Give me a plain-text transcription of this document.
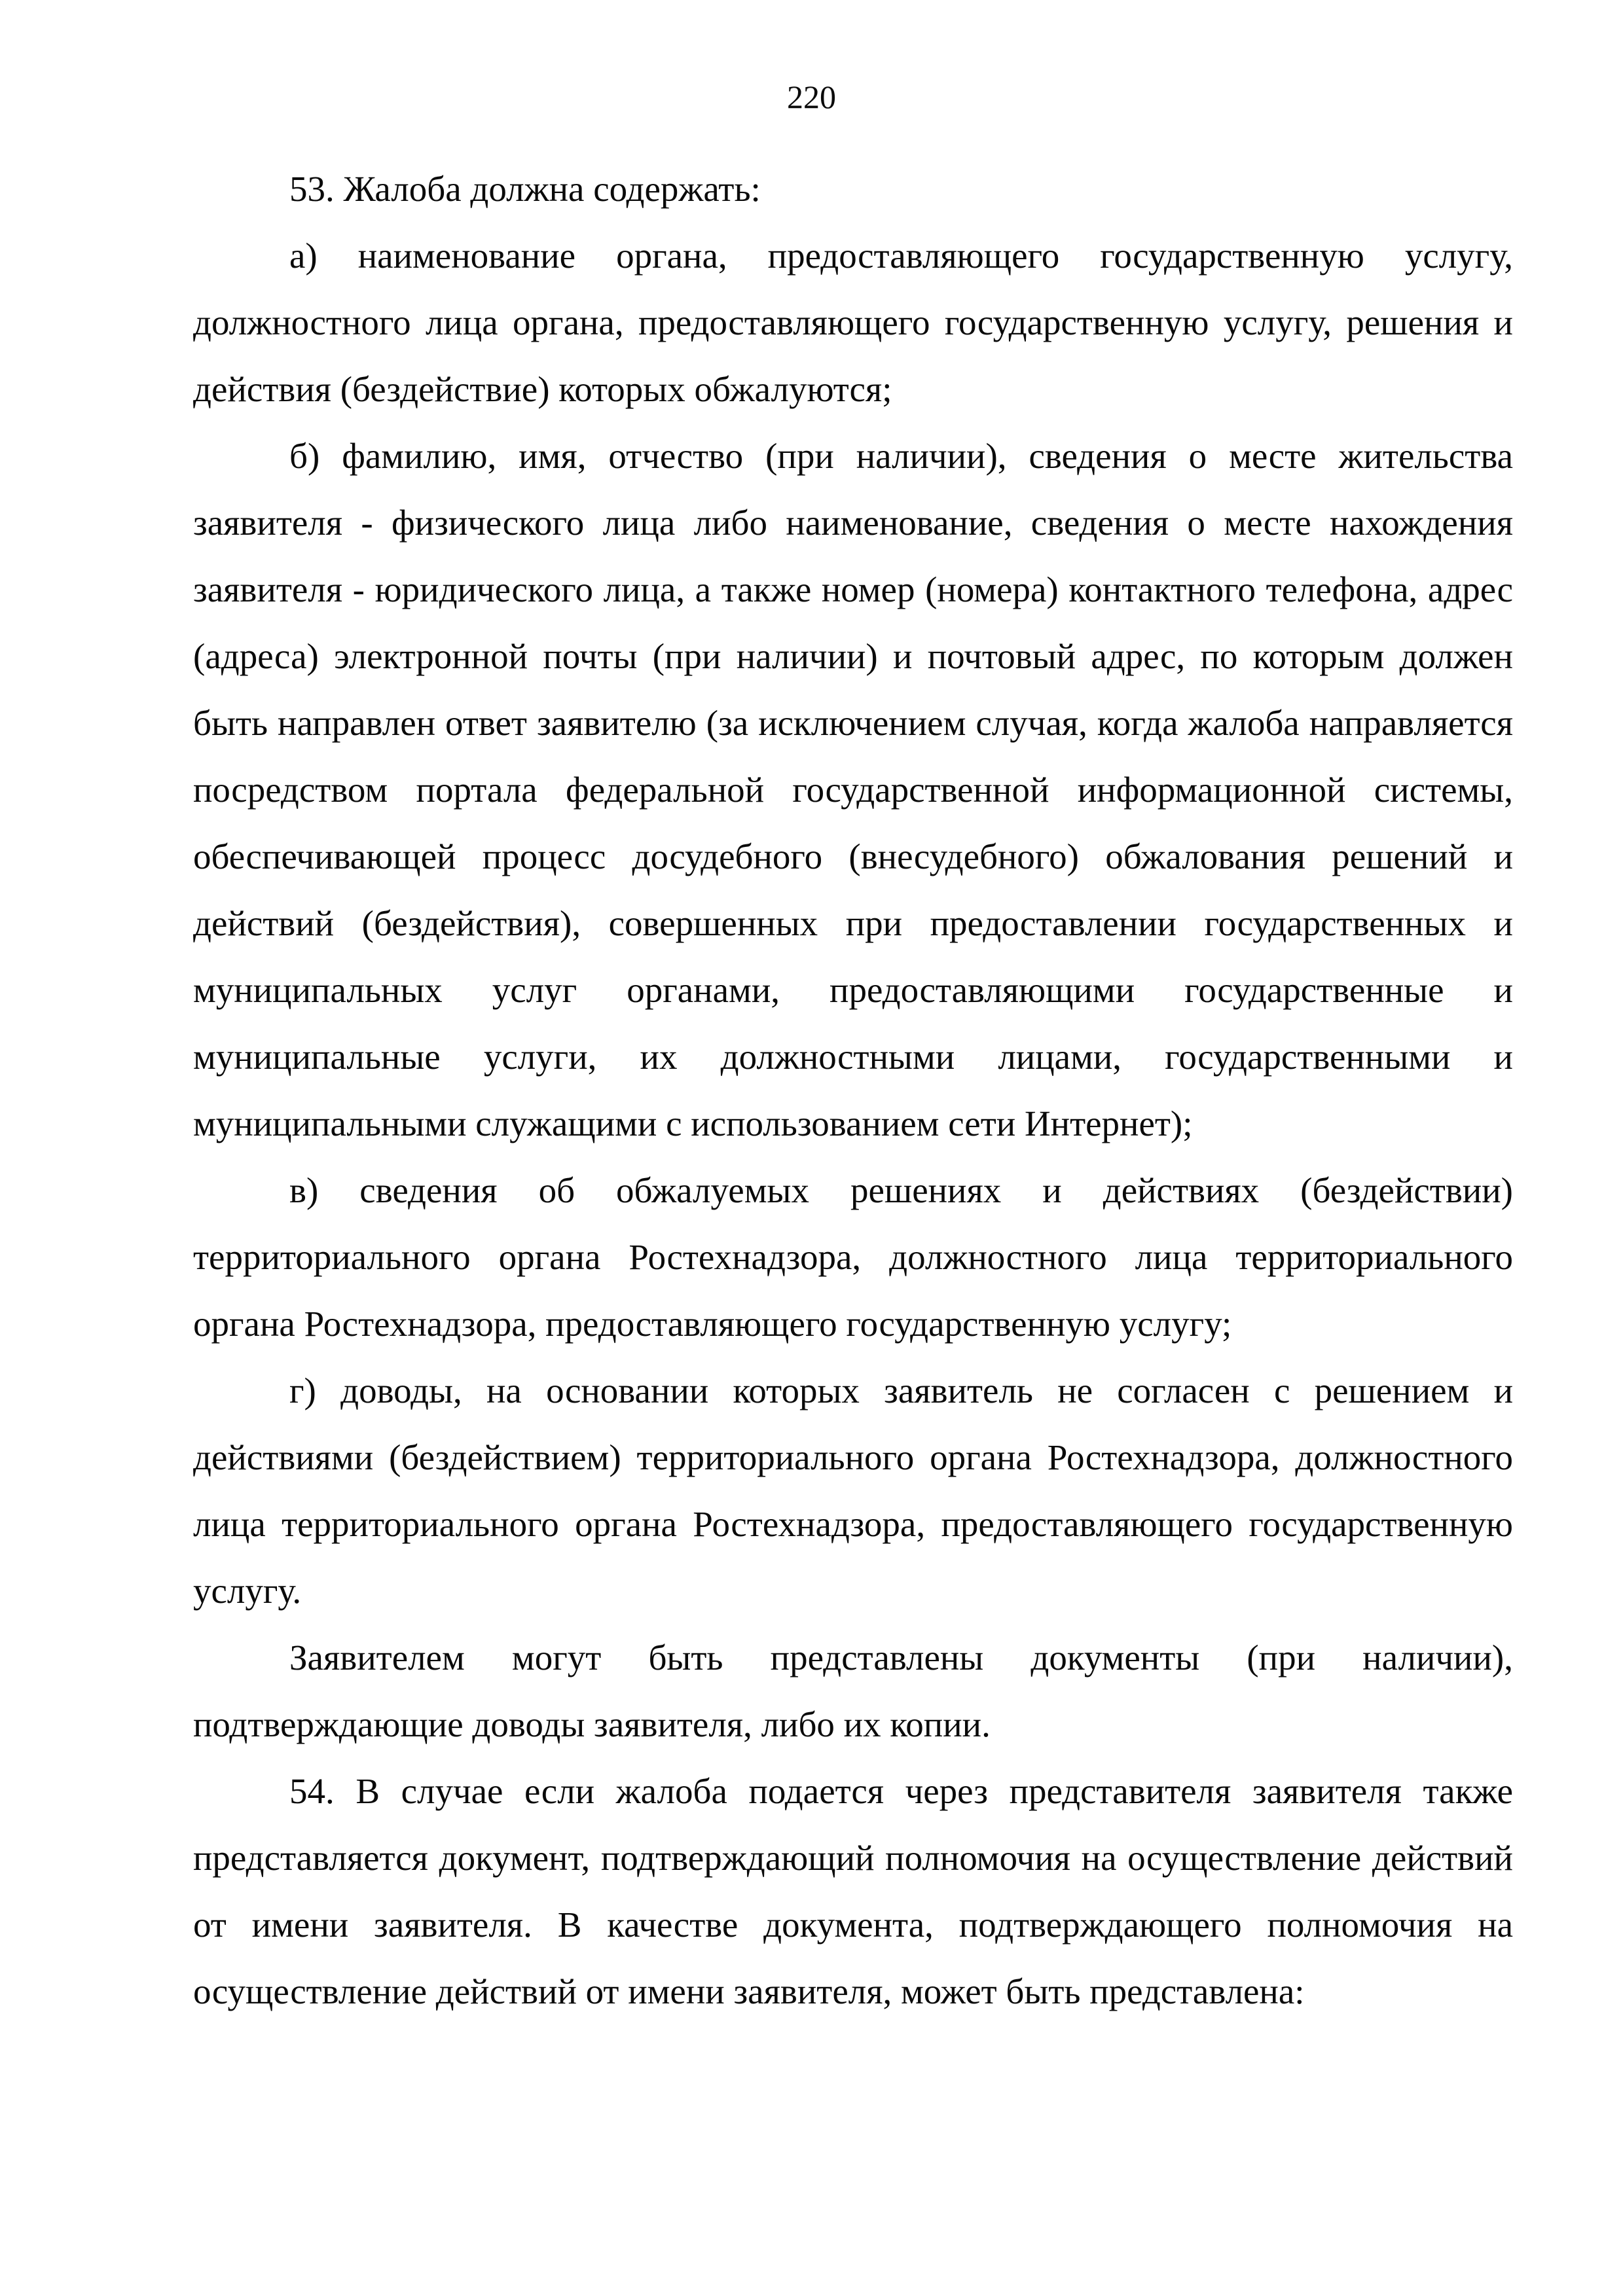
220

53. Жалоба должна содержать:

а) наименование органа, предоставляющего государственную услугу, должностного лица органа, предоставляющего государственную услугу, решения и действия (бездействие) которых обжалуются;

б) фамилию, имя, отчество (при наличии), сведения о месте жительства заявителя - физического лица либо наименование, сведения о месте нахождения заявителя - юридического лица, а также номер (номера) контактного телефона, адрес (адреса) электронной почты (при наличии) и почтовый адрес, по которым должен быть направлен ответ заявителю (за исключением случая, когда жалоба направляется посредством портала федеральной государственной информационной системы, обеспечивающей процесс досудебного (внесудебного) обжалования решений и действий (бездействия), совершенных при предоставлении государственных и муниципальных услуг органами, предоставляющими государственные и муниципальные услуги, их должностными лицами, государственными и муниципальными служащими с использованием сети Интернет);

в) сведения об обжалуемых решениях и действиях (бездействии) территориального органа Ростехнадзора, должностного лица территориального органа Ростехнадзора, предоставляющего государственную услугу;

г) доводы, на основании которых заявитель не согласен с решением и действиями (бездействием) территориального органа Ростехнадзора, должностного лица территориального органа Ростехнадзора, предоставляющего государственную услугу.

Заявителем могут быть представлены документы (при наличии), подтверждающие доводы заявителя, либо их копии.

54. В случае если жалоба подается через представителя заявителя также представляется документ, подтверждающий полномочия на осуществление действий от имени заявителя. В качестве документа, подтверждающего полномочия на осуществление действий от имени заявителя, может быть представлена:
